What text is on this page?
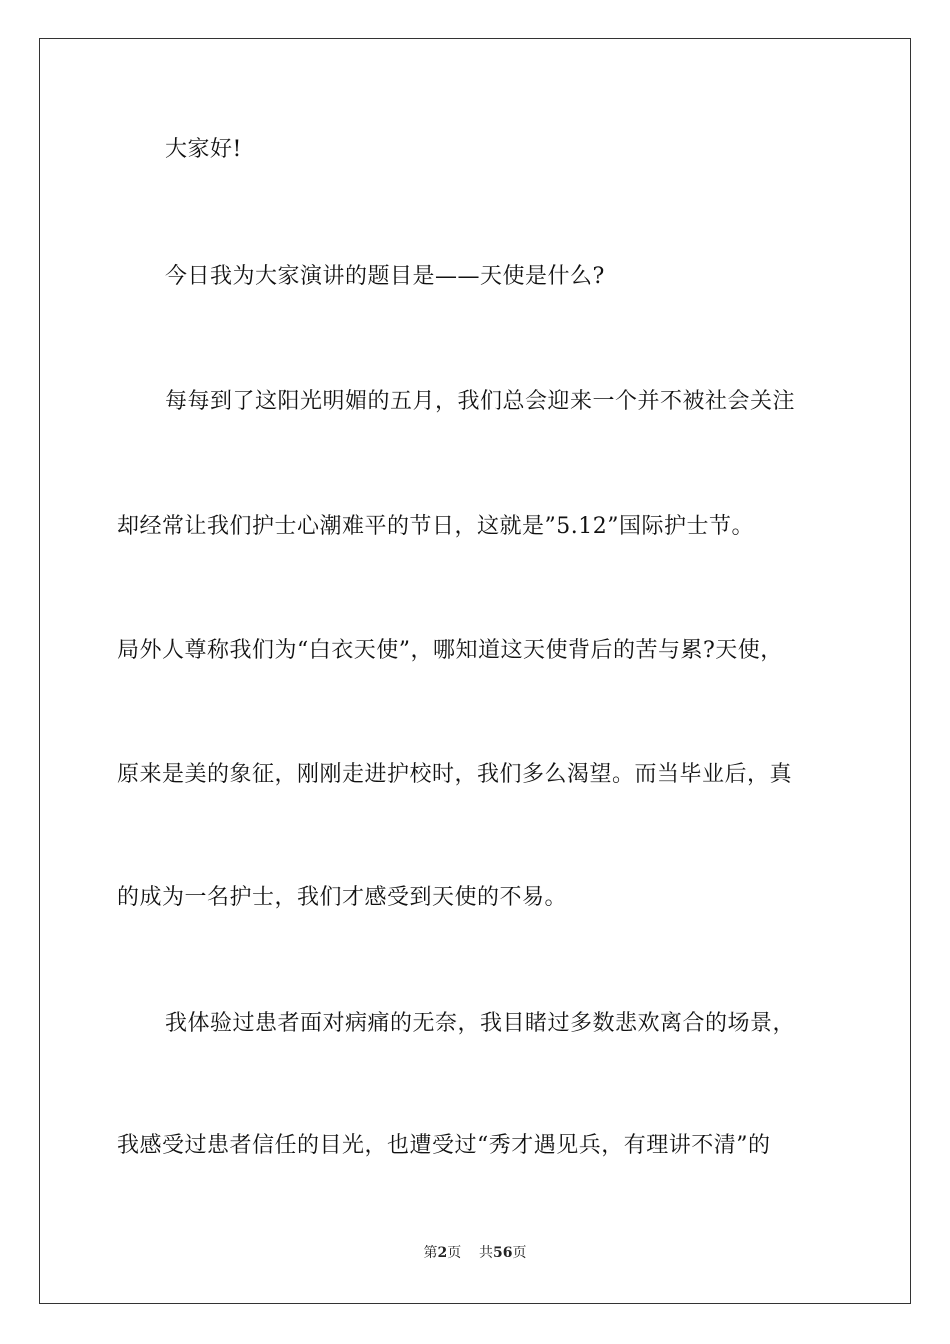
大家好!
今日我为大家演讲的题目是——天使是什么?
每每到了这阳光明媚的五月，我们总会迎来一个并不被社会关注
却经常让我们护士心潮难平的节日，这就是”5.12”国际护士节。
局外人尊称我们为“白衣天使”，哪知道这天使背后的苦与累?天使，
原来是美的象征，刚刚走进护校时，我们多么渴望。而当毕业后，真
的成为一名护士，我们才感受到天使的不易。
我体验过患者面对病痛的无奈，我目睹过多数悲欢离合的场景，
我感受过患者信任的目光，也遭受过“秀才遇见兵，有理讲不清”的
第2页 共56页
